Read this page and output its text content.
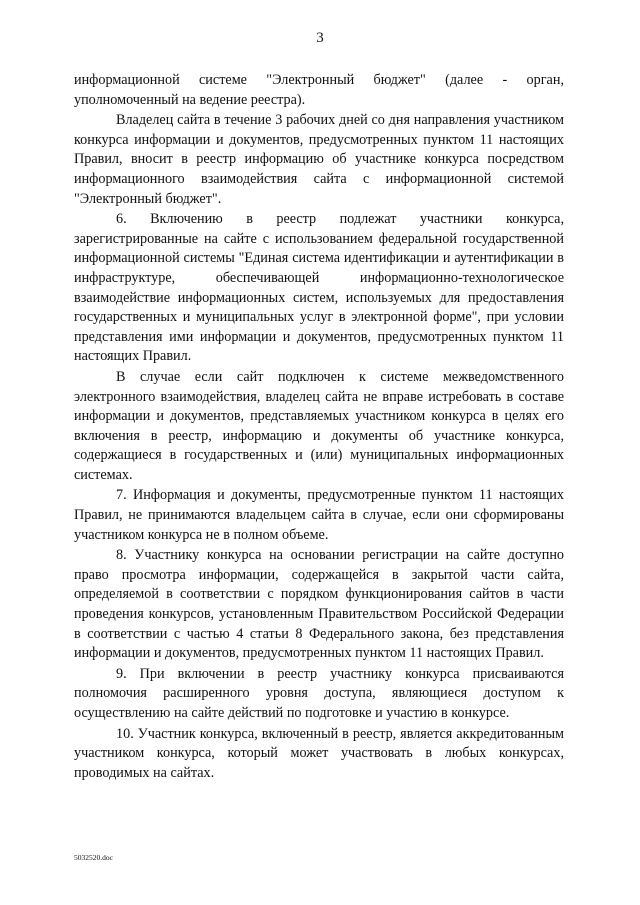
3

информационной системе "Электронный бюджет" (далее - орган, уполномоченный на ведение реестра).

Владелец сайта в течение 3 рабочих дней со дня направления участником конкурса информации и документов, предусмотренных пунктом 11 настоящих Правил, вносит в реестр информацию об участнике конкурса посредством информационного взаимодействия сайта с информационной системой "Электронный бюджет".

6. Включению в реестр подлежат участники конкурса, зарегистрированные на сайте с использованием федеральной государственной информационной системы "Единая система идентификации и аутентификации в инфраструктуре, обеспечивающей информационно-технологическое взаимодействие информационных систем, используемых для предоставления государственных и муниципальных услуг в электронной форме", при условии представления ими информации и документов, предусмотренных пунктом 11 настоящих Правил.

В случае если сайт подключен к системе межведомственного электронного взаимодействия, владелец сайта не вправе истребовать в составе информации и документов, представляемых участником конкурса в целях его включения в реестр, информацию и документы об участнике конкурса, содержащиеся в государственных и (или) муниципальных информационных системах.

7. Информация и документы, предусмотренные пунктом 11 настоящих Правил, не принимаются владельцем сайта в случае, если они сформированы участником конкурса не в полном объеме.

8. Участнику конкурса на основании регистрации на сайте доступно право просмотра информации, содержащейся в закрытой части сайта, определяемой в соответствии с порядком функционирования сайтов в части проведения конкурсов, установленным Правительством Российской Федерации в соответствии с частью 4 статьи 8 Федерального закона, без представления информации и документов, предусмотренных пунктом 11 настоящих Правил.

9. При включении в реестр участнику конкурса присваиваются полномочия расширенного уровня доступа, являющиеся доступом к осуществлению на сайте действий по подготовке и участию в конкурсе.

10. Участник конкурса, включенный в реестр, является аккредитованным участником конкурса, который может участвовать в любых конкурсах, проводимых на сайтах.

5032520.doc
